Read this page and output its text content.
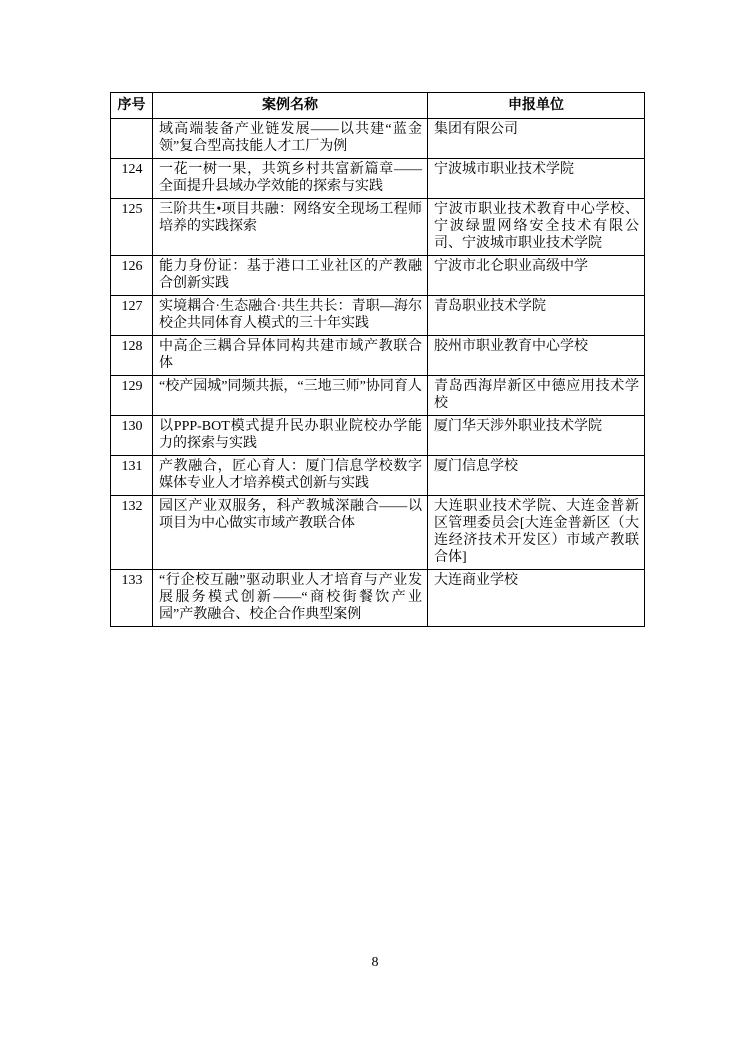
序号	案例名称	申报单位
	域高端装备产业链发展——以共建“蓝金领”复合型高技能人才工厂为例	集团有限公司
124	一花一树一果，共筑乡村共富新篇章——全面提升县域办学效能的探索与实践	宁波城市职业技术学院
125	三阶共生•项目共融：网络安全现场工程师培养的实践探索	宁波市职业技术教育中心学校、宁波绿盟网络安全技术有限公司、宁波城市职业技术学院
126	能力身份证：基于港口工业社区的产教融合创新实践	宁波市北仑职业高级中学
127	实境耦合·生态融合·共生共长：青职—海尔校企共同体育人模式的三十年实践	青岛职业技术学院
128	中高企三耦合异体同构共建市域产教联合体	胶州市职业教育中心学校
129	“校产园城”同频共振，“三地三师”协同育人	青岛西海岸新区中德应用技术学校
130	以PPP-BOT模式提升民办职业院校办学能力的探索与实践	厦门华天涉外职业技术学院
131	产教融合，匠心育人：厦门信息学校数字媒体专业人才培养模式创新与实践	厦门信息学校
132	园区产业双服务，科产教城深融合——以项目为中心做实市域产教联合体	大连职业技术学院、大连金普新区管理委员会[大连金普新区（大连经济技术开发区）市域产教联合体]
133	“行企校互融”驱动职业人才培育与产业发展服务模式创新——“商校街餐饮产业园”产教融合、校企合作典型案例	大连商业学校
8
